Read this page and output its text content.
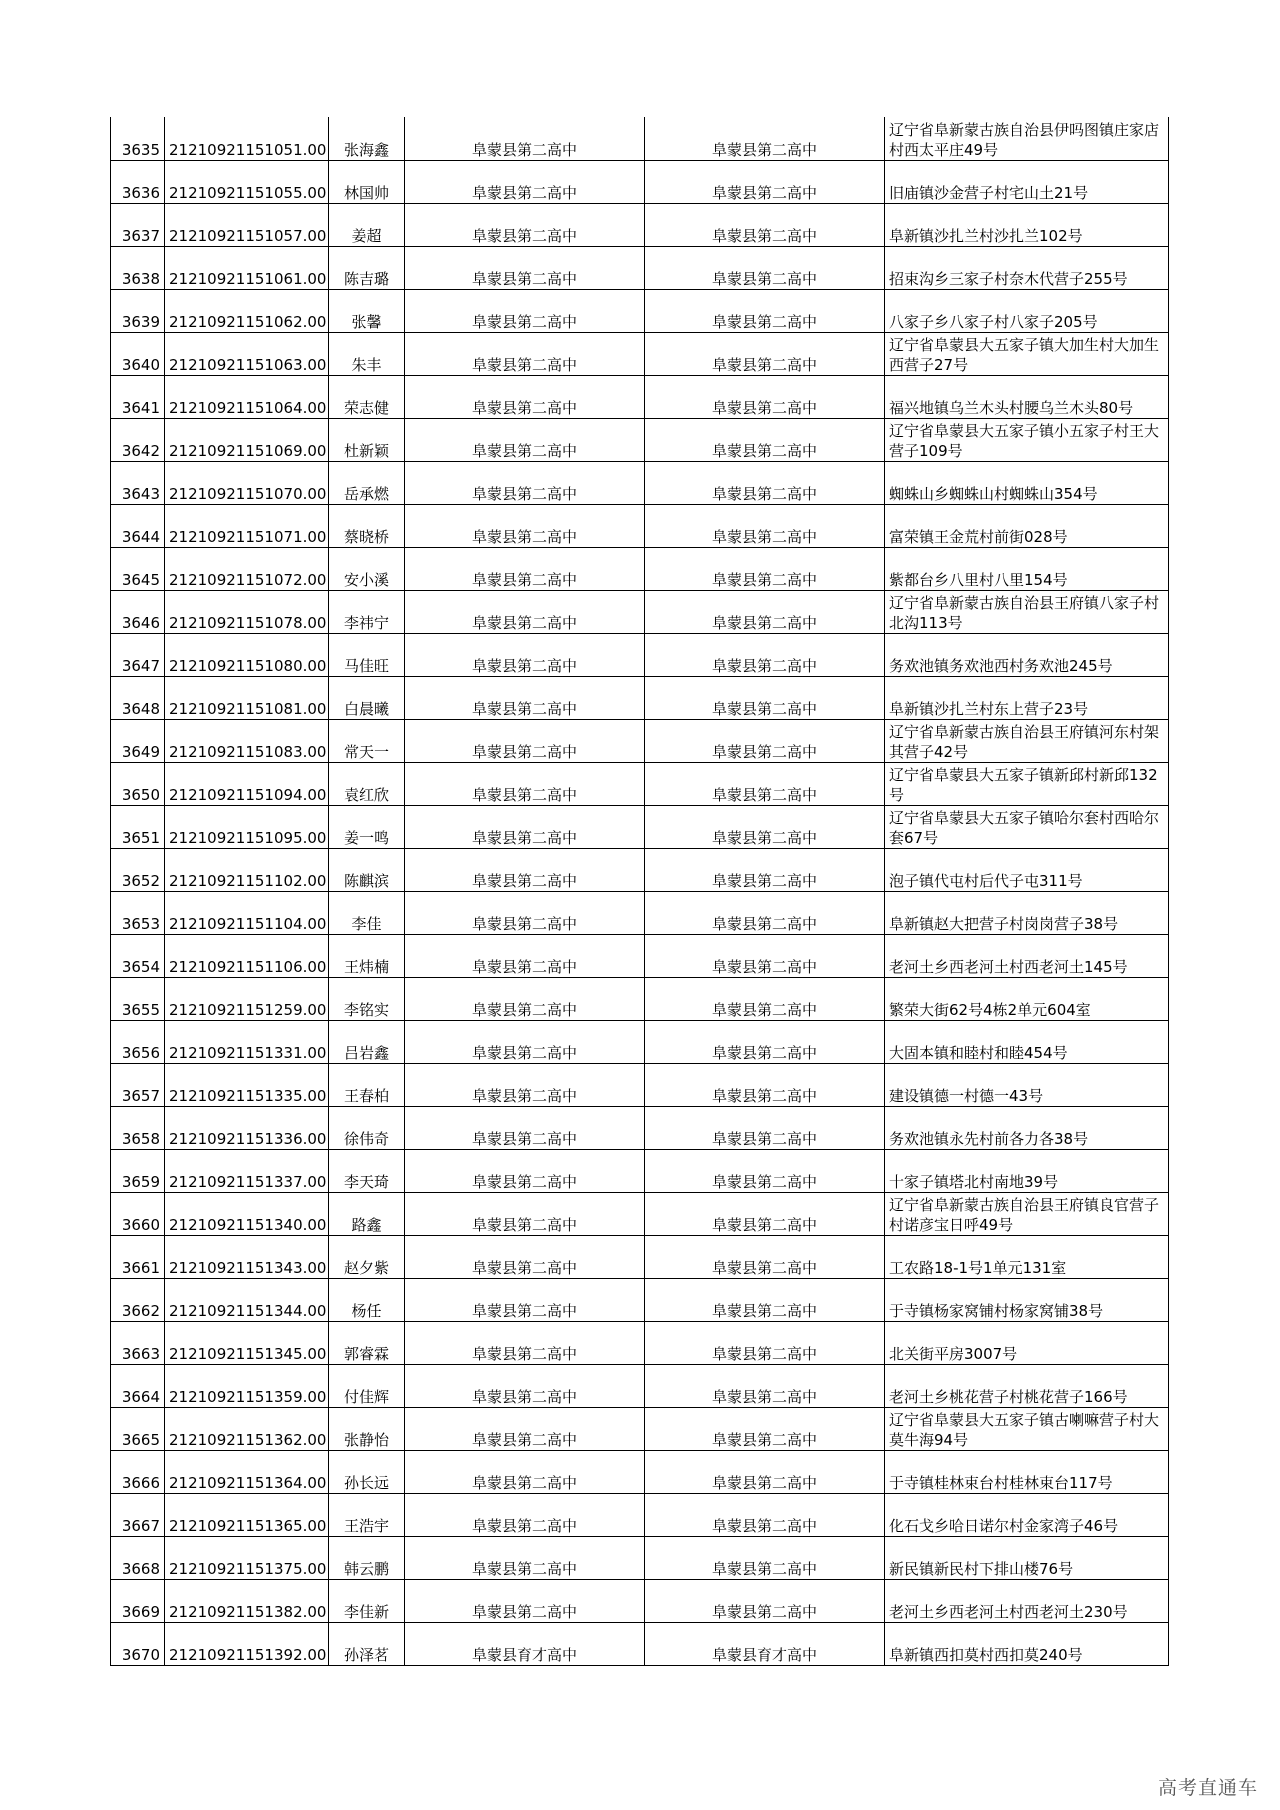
3635	21210921151051.00	张海鑫	阜蒙县第二高中	阜蒙县第二高中	辽宁省阜新蒙古族自治县伊吗图镇庄家店村西太平庄49号
3636	21210921151055.00	林国帅	阜蒙县第二高中	阜蒙县第二高中	旧庙镇沙金营子村宅山土21号
3637	21210921151057.00	姜超	阜蒙县第二高中	阜蒙县第二高中	阜新镇沙扎兰村沙扎兰102号
3638	21210921151061.00	陈吉璐	阜蒙县第二高中	阜蒙县第二高中	招束沟乡三家子村奈木代营子255号
3639	21210921151062.00	张馨	阜蒙县第二高中	阜蒙县第二高中	八家子乡八家子村八家子205号
3640	21210921151063.00	朱丰	阜蒙县第二高中	阜蒙县第二高中	辽宁省阜蒙县大五家子镇大加生村大加生西营子27号
3641	21210921151064.00	荣志健	阜蒙县第二高中	阜蒙县第二高中	福兴地镇乌兰木头村腰乌兰木头80号
3642	21210921151069.00	杜新颖	阜蒙县第二高中	阜蒙县第二高中	辽宁省阜蒙县大五家子镇小五家子村王大营子109号
3643	21210921151070.00	岳承燃	阜蒙县第二高中	阜蒙县第二高中	蜘蛛山乡蜘蛛山村蜘蛛山354号
3644	21210921151071.00	蔡晓桥	阜蒙县第二高中	阜蒙县第二高中	富荣镇王金荒村前街028号
3645	21210921151072.00	安小溪	阜蒙县第二高中	阜蒙县第二高中	紫都台乡八里村八里154号
3646	21210921151078.00	李祎宁	阜蒙县第二高中	阜蒙县第二高中	辽宁省阜新蒙古族自治县王府镇八家子村北沟113号
3647	21210921151080.00	马佳旺	阜蒙县第二高中	阜蒙县第二高中	务欢池镇务欢池西村务欢池245号
3648	21210921151081.00	白晨曦	阜蒙县第二高中	阜蒙县第二高中	阜新镇沙扎兰村东上营子23号
3649	21210921151083.00	常天一	阜蒙县第二高中	阜蒙县第二高中	辽宁省阜新蒙古族自治县王府镇河东村架其营子42号
3650	21210921151094.00	袁红欣	阜蒙县第二高中	阜蒙县第二高中	辽宁省阜蒙县大五家子镇新邱村新邱132号
3651	21210921151095.00	姜一鸣	阜蒙县第二高中	阜蒙县第二高中	辽宁省阜蒙县大五家子镇哈尔套村西哈尔套67号
3652	21210921151102.00	陈麒滨	阜蒙县第二高中	阜蒙县第二高中	泡子镇代屯村后代子屯311号
3653	21210921151104.00	李佳	阜蒙县第二高中	阜蒙县第二高中	阜新镇赵大把营子村岗岗营子38号
3654	21210921151106.00	王炜楠	阜蒙县第二高中	阜蒙县第二高中	老河土乡西老河土村西老河土145号
3655	21210921151259.00	李铭实	阜蒙县第二高中	阜蒙县第二高中	繁荣大街62号4栋2单元604室
3656	21210921151331.00	吕岩鑫	阜蒙县第二高中	阜蒙县第二高中	大固本镇和睦村和睦454号
3657	21210921151335.00	王春柏	阜蒙县第二高中	阜蒙县第二高中	建设镇德一村德一43号
3658	21210921151336.00	徐伟奇	阜蒙县第二高中	阜蒙县第二高中	务欢池镇永先村前各力各38号
3659	21210921151337.00	李天琦	阜蒙县第二高中	阜蒙县第二高中	十家子镇塔北村南地39号
3660	21210921151340.00	路鑫	阜蒙县第二高中	阜蒙县第二高中	辽宁省阜新蒙古族自治县王府镇良官营子村诺彦宝日呼49号
3661	21210921151343.00	赵夕紫	阜蒙县第二高中	阜蒙县第二高中	工农路18-1号1单元131室
3662	21210921151344.00	杨任	阜蒙县第二高中	阜蒙县第二高中	于寺镇杨家窝铺村杨家窝铺38号
3663	21210921151345.00	郭睿霖	阜蒙县第二高中	阜蒙县第二高中	北关街平房3007号
3664	21210921151359.00	付佳辉	阜蒙县第二高中	阜蒙县第二高中	老河土乡桃花营子村桃花营子166号
3665	21210921151362.00	张静怡	阜蒙县第二高中	阜蒙县第二高中	辽宁省阜蒙县大五家子镇古喇嘛营子村大莫牛海94号
3666	21210921151364.00	孙长远	阜蒙县第二高中	阜蒙县第二高中	于寺镇桂林束台村桂林束台117号
3667	21210921151365.00	王浩宇	阜蒙县第二高中	阜蒙县第二高中	化石戈乡哈日诺尔村金家湾子46号
3668	21210921151375.00	韩云鹏	阜蒙县第二高中	阜蒙县第二高中	新民镇新民村下排山楼76号
3669	21210921151382.00	李佳新	阜蒙县第二高中	阜蒙县第二高中	老河土乡西老河土村西老河土230号
3670	21210921151392.00	孙泽茗	阜蒙县育才高中	阜蒙县育才高中	阜新镇西扣莫村西扣莫240号
高考直通车
